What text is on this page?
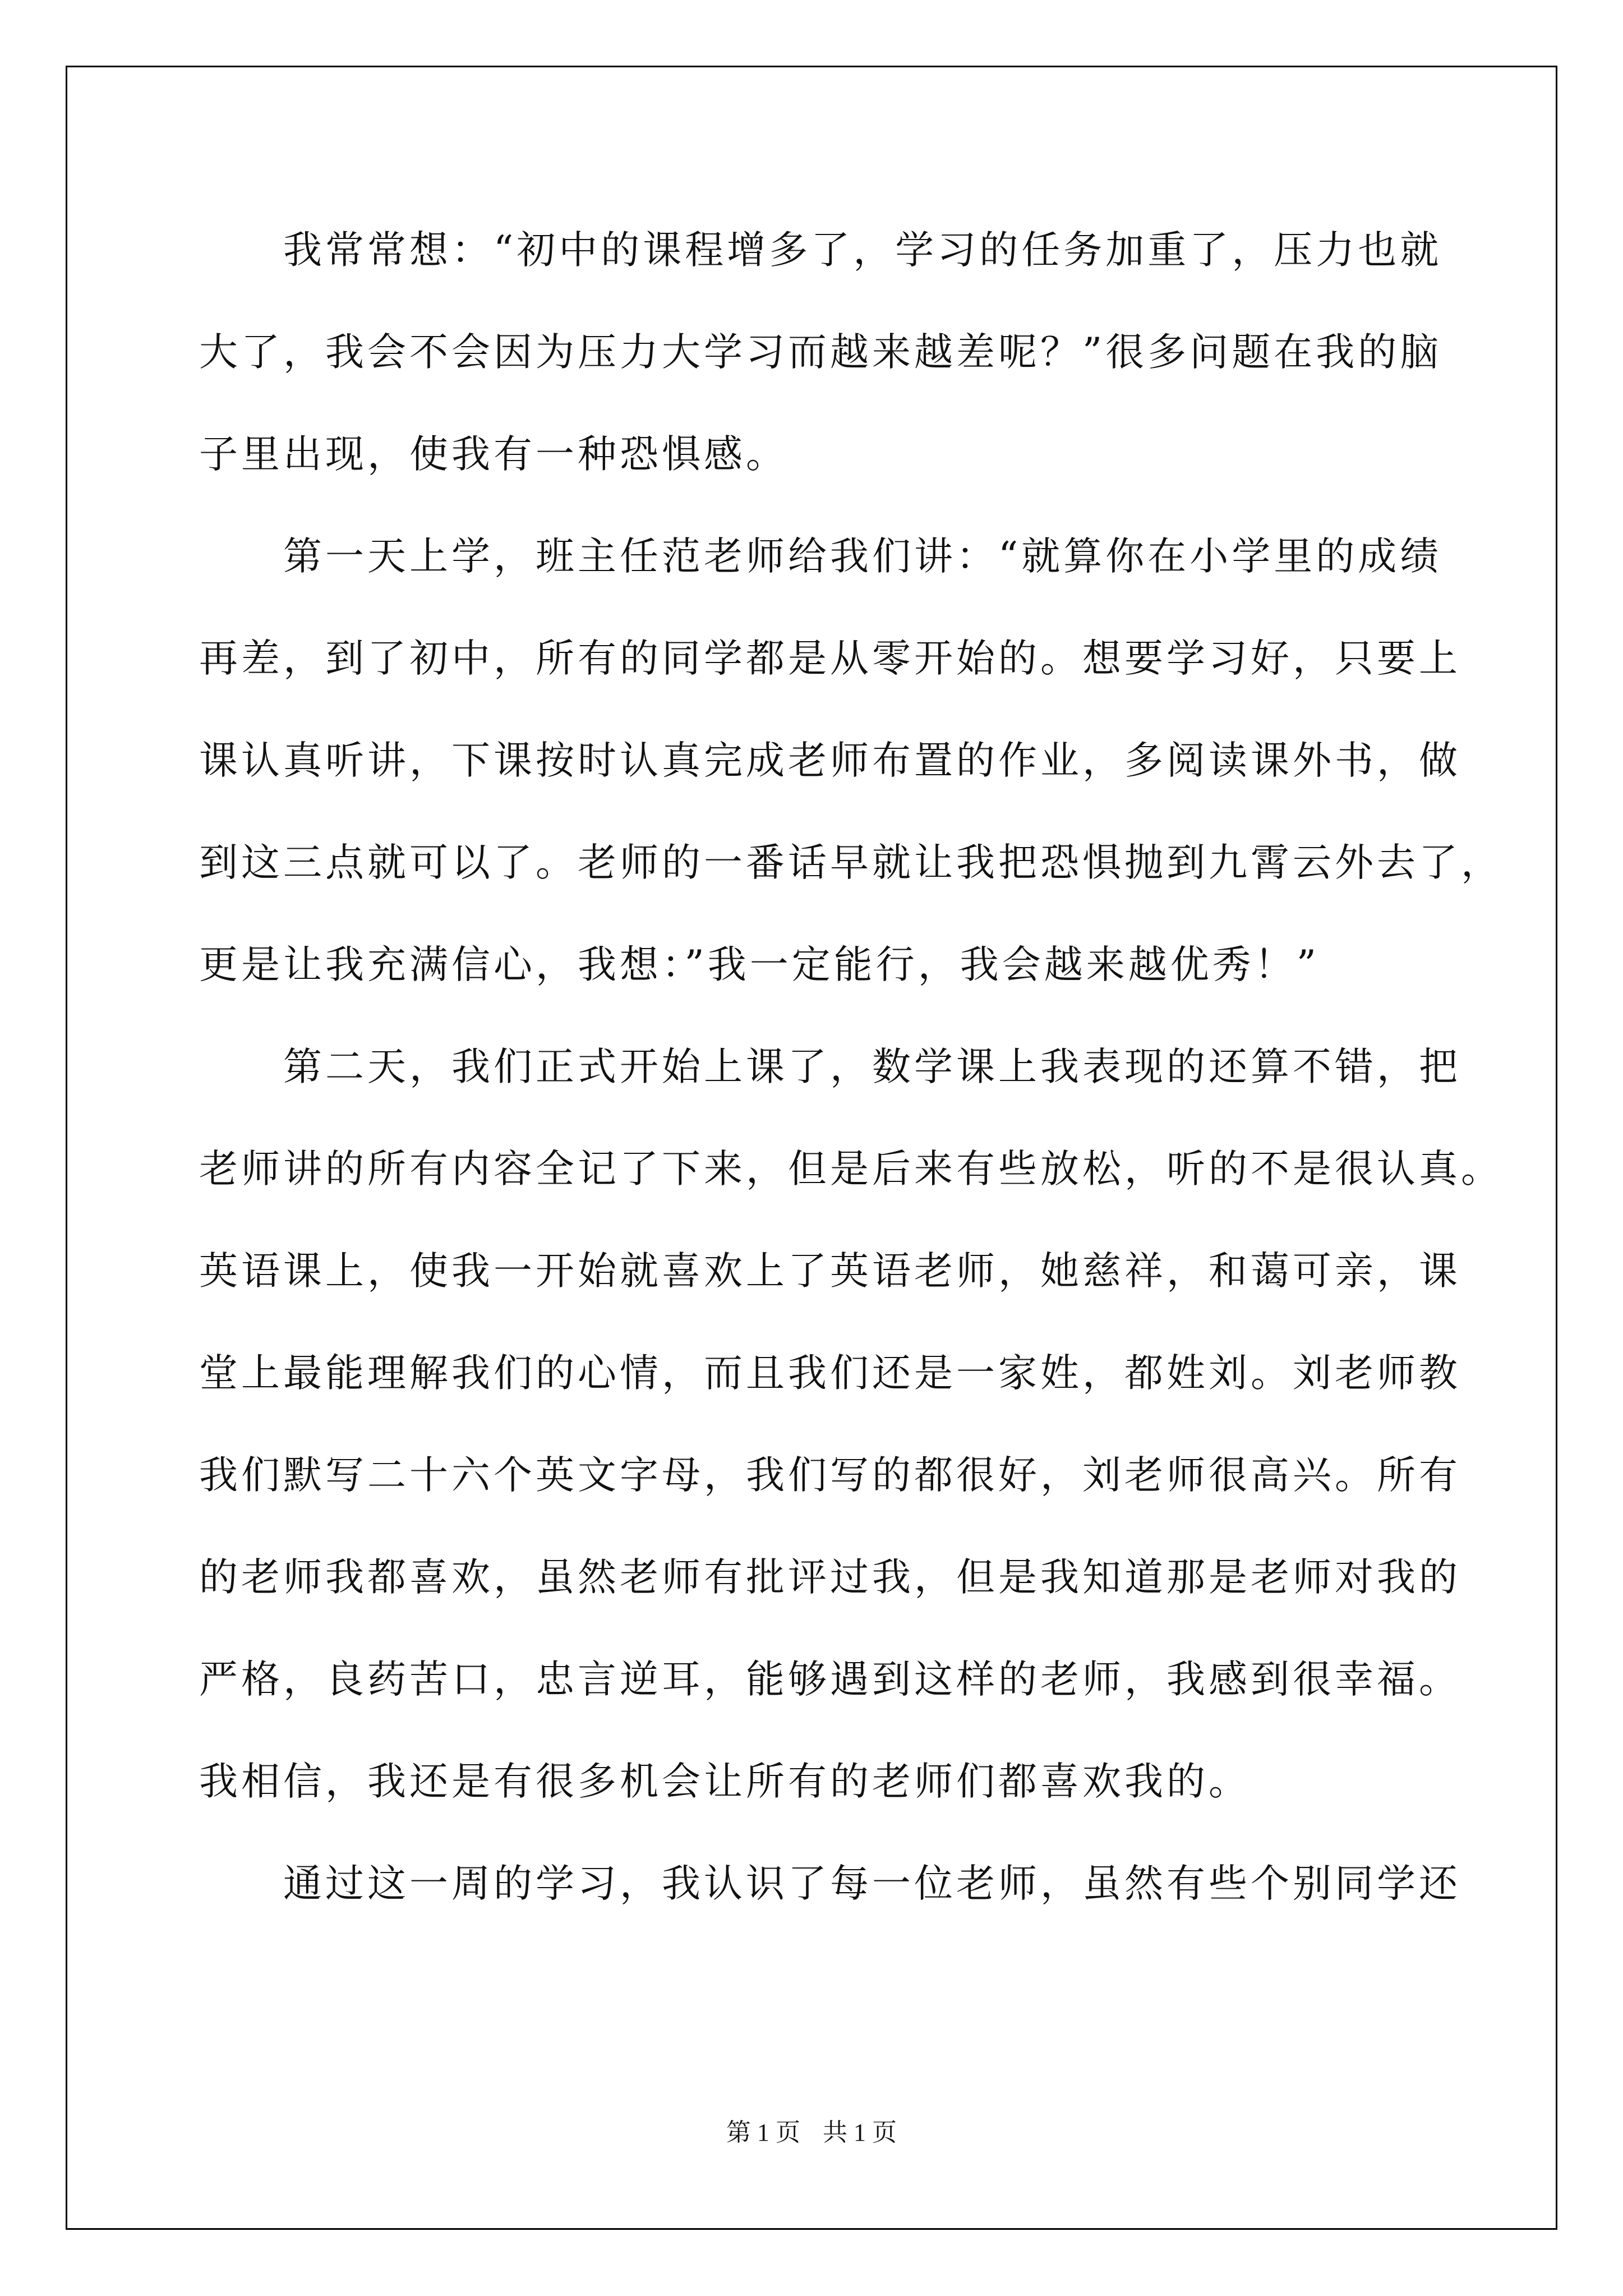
我常常想：“初中的课程增多了，学习的任务加重了，压力也就
大了，我会不会因为压力大学习而越来越差呢？”很多问题在我的脑
子里出现，使我有一种恐惧感。
第一天上学，班主任范老师给我们讲：“就算你在小学里的成绩
再差，到了初中，所有的同学都是从零开始的。想要学习好，只要上
课认真听讲，下课按时认真完成老师布置的作业，多阅读课外书，做
到这三点就可以了。老师的一番话早就让我把恐惧抛到九霄云外去了，
更是让我充满信心，我想：”我一定能行，我会越来越优秀！”
第二天，我们正式开始上课了，数学课上我表现的还算不错，把
老师讲的所有内容全记了下来，但是后来有些放松，听的不是很认真。
英语课上，使我一开始就喜欢上了英语老师，她慈祥，和蔼可亲，课
堂上最能理解我们的心情，而且我们还是一家姓，都姓刘。刘老师教
我们默写二十六个英文字母，我们写的都很好，刘老师很高兴。所有
的老师我都喜欢，虽然老师有批评过我，但是我知道那是老师对我的
严格，良药苦口，忠言逆耳，能够遇到这样的老师，我感到很幸福。
我相信，我还是有很多机会让所有的老师们都喜欢我的。
通过这一周的学习，我认识了每一位老师，虽然有些个别同学还
第 1 页 共 1 页
